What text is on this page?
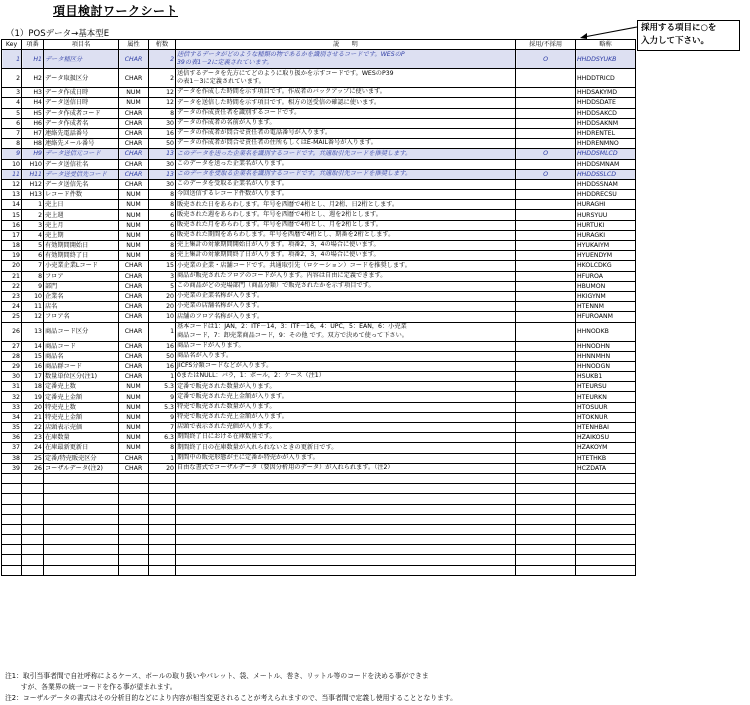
項目検討ワークシート
（1）POSデータ→基本型E
採用する項目に○を
入力して下さい。
Key	項番	項目名	属性	桁数	説　　明	採用/不採用	略称
1	H1	データ種区分	CHAR	2	送信するデータがどのような種類の物であるかを識別させるコードです。WESのP
39の表1－2に定義されています。	O	HHDDSYUKB
2	H2	データ取扱区分	CHAR	2	送信するデータを先方にてどのように取り扱かを示すコードです。WESのP39
の表1－3に定義されています。		HHDDTRICD
3	H3	データ作成日時	NUM	12	データを作成した時間を示す項目です。作成者のバックアップに使います。		HHDSAKYMD
4	H4	データ送信日時	NUM	12	データを送信した時間を示す項目です。相方の送受信の確認に使います。		HHDDSDATE
5	H5	データ作成者コード	CHAR	8	データの作成責任者を識別するコードです。		HHDDSAKCD
6	H6	データ作成者名	CHAR	30	データの作成者の名前が入ります。		HHDDSAKNM
7	H7	連絡先電話番号	CHAR	16	データの作成者が問合せ責任者の電話番号が入ります。		HHDRENTEL
8	H8	連絡先メール番号	CHAR	50	データの作成者が問合せ責任者の住所もしくはE-MAIL番号が入ります。		HHDRENMNO
9	H9	データ送信元コード	CHAR	13	このデータを送った企業名を識別するコードです。共通取引先コードを推奨します。	O	HHDDSMLCD
10	H10	データ送信社名	CHAR	30	このデータを送った企業名が入ります。		HHDDSMNAM
11	H11	データ送受信先コード	CHAR	13	このデータを受取る企業名を識別するコードです。共通取引先コードを推奨します。	O	HHDDSSLCD
12	H12	データ送信先名	CHAR	30	このデータを受取る企業名が入ります。		HHDDSSNAM
13	H13	レコード件数	NUM	8	今回送信するレコード件数が入ります。		HHDDRECSU
14	1	売上日	NUM	8	販売された日をあらわします。年号を西暦で4桁とし、月2桁、日2桁とします。		HURAGHI
15	2	売上週	NUM	6	販売された週をあらわします。年号を西暦で4桁とし、週を2桁とします。		HURSYUU
16	3	売上月	NUM	6	販売された月をあらわします。年号を西暦で4桁とし、月を2桁とします。		HURTUKI
17	4	売上期	NUM	6	販売された期間をあらわします。年号を西暦で4桁とし、期番を2桁とします。		HURAGKI
18	5	有効期間開始日	NUM	8	売上集計の対象期間開始日が入ります。項番2，3，4の場合に使います。		HYUKAIYM
19	6	有効期間終了日	NUM	8	売上集計の対象期間終了日が入ります。項番2，3，4の場合に使います。		HYUENDYM
20	7	小売業企業Lコード	CHAR	15	小売業の企業・店舗コードです。共通取引先（ロケーション）コードを推奨します。		HKOLCDKG
21	8	フロア	CHAR	3	商品が販売されたフロアのコードが入ります。内容は自由に定義できます。		HFUROA
22	9	部門	CHAR	5	この商品がどの売場部門（商品分類）で販売されたかを示す項目です。		HBUMON
23	10	企業名	CHAR	20	小売業の企業名称が入ります。		HKIGYNM
24	11	店名	CHAR	20	小売業の店舗名称が入ります。		HTENNM
25	12	フロア名	CHAR	10	店舗のフロア名称が入ります。		HFUROANM
26	13	商品コード区分	CHAR	1	基本コードは1：JAN，2：ITF－14，3：ITF－16，4：UPC，5：EAN，6：小売業
商品コード，7：卸売業商品コード，9：その他 です。双方で決めて使って下さい。		HHNODKB
27	14	商品コード	CHAR	16	商品コードが入ります。		HHNODHN
28	15	商品名	CHAR	50	商品名が入ります。		HHNNMHN
29	16	商品群コード	CHAR	16	JICFS分類コードなどが入ります。		HHNODGN
30	17	数量単位区分(注1)	CHAR	1	0またはNULL：バラ，1：ボール，2：ケース（注1）		HSUKB1
31	18	定番売上数	NUM	5.3	定番で販売された数量が入ります。		HTEURSU
32	19	定番売上金額	NUM	9	定番で販売された売上金額が入ります。		HTEURKN
33	20	特売売上数	NUM	5.3	特売で販売された数量が入ります。		HTOSUUR
34	21	特売売上金額	NUM	9	特売で販売された売上金額が入ります。		HTOKNUR
35	22	店頭表示売価	NUM	7	店頭で表示された売価が入ります。		HTENHBAI
36	23	在庫数量	NUM	6.3	期間終了日における在庫数量です。		HZAIKOSU
37	24	在庫最新更新日	NUM	8	期間終了日の在庫数量が入れられないときの更新日です。		HZAKOYM
38	25	定番/特売販売区分	CHAR	1	期間中の販売形態が主に定番か特売かが入ります。		HTETHKB
39	26	コーザルデータ(注2)	CHAR	20	自由な書式でコーザルデータ（要因分析用のデータ）が入れられます。（注2）		HCZDATA

注1：取引当事者間で自社呼称によるケース、ボールの取り扱いやパレット、袋、メートル、巻き、リットル等のコードを決める事ができま
　　 すが、各業界の統一コードを作る事が望まれます。
注2：コーザルデータの書式はその分析目的などにより内容が相当変更されることが考えられますので、当事者間で定義し使用することとなります。
